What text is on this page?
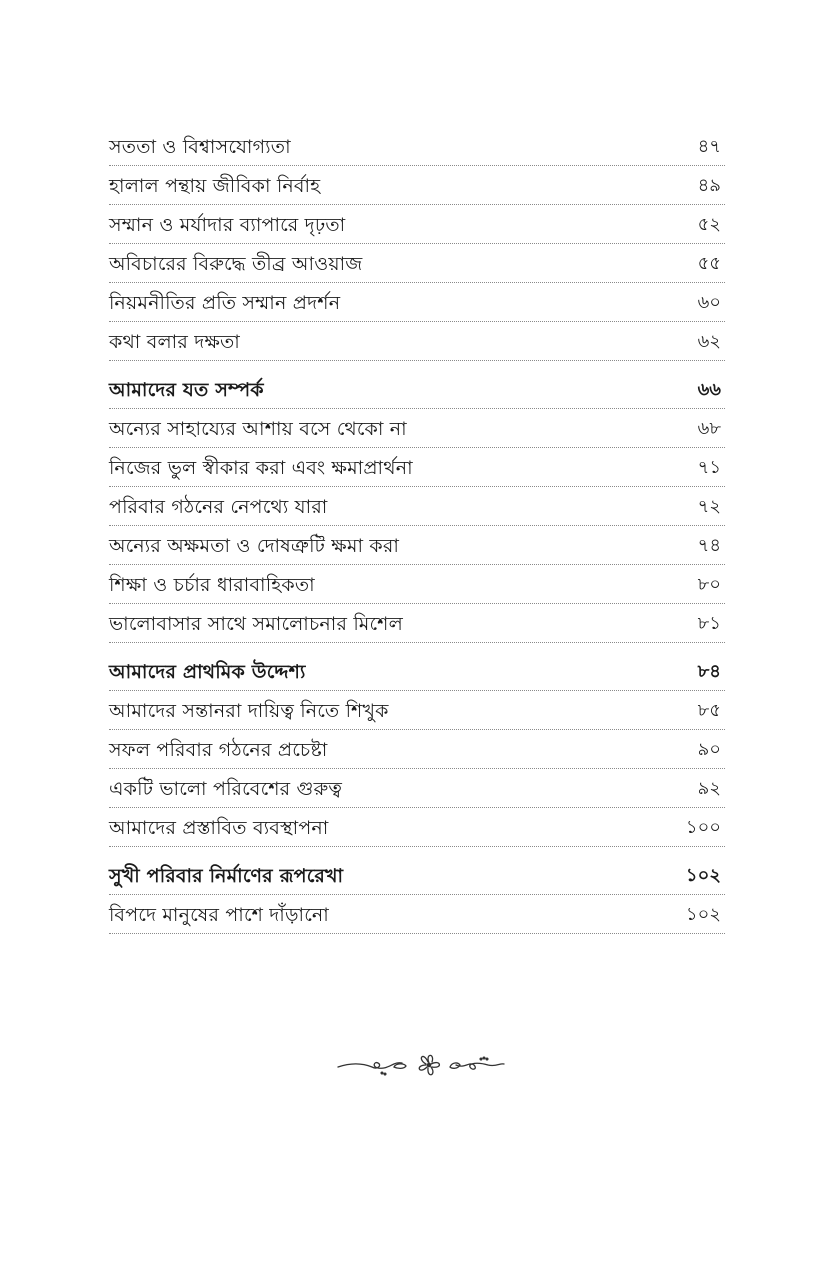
সততা ও বিশ্বাসযোগ্যতা	৪৭
হালাল পন্থায় জীবিকা নির্বাহ	৪৯
সম্মান ও মর্যাদার ব্যাপারে দৃঢ়তা	৫২
অবিচারের বিরুদ্ধে তীব্র আওয়াজ	৫৫
নিয়মনীতির প্রতি সম্মান প্রদর্শন	৬০
কথা বলার দক্ষতা	৬২
আমাদের যত সম্পর্ক	৬৬
অন্যের সাহায্যের আশায় বসে থেকো না	৬৮
নিজের ভুল স্বীকার করা এবং ক্ষমাপ্রার্থনা	৭১
পরিবার গঠনের নেপথ্যে যারা	৭২
অন্যের অক্ষমতা ও দোষত্রুটি ক্ষমা করা	৭৪
শিক্ষা ও চর্চার ধারাবাহিকতা	৮০
ভালোবাসার সাথে সমালোচনার মিশেল	৮১
আমাদের প্রাথমিক উদ্দেশ্য	৮৪
আমাদের সন্তানরা দায়িত্ব নিতে শিখুক	৮৫
সফল পরিবার গঠনের প্রচেষ্টা	৯০
একটি ভালো পরিবেশের গুরুত্ব	৯২
আমাদের প্রস্তাবিত ব্যবস্থাপনা	১০০
সুখী পরিবার নির্মাণের রূপরেখা	১০২
বিপদে মানুষের পাশে দাঁড়ানো	১০২
